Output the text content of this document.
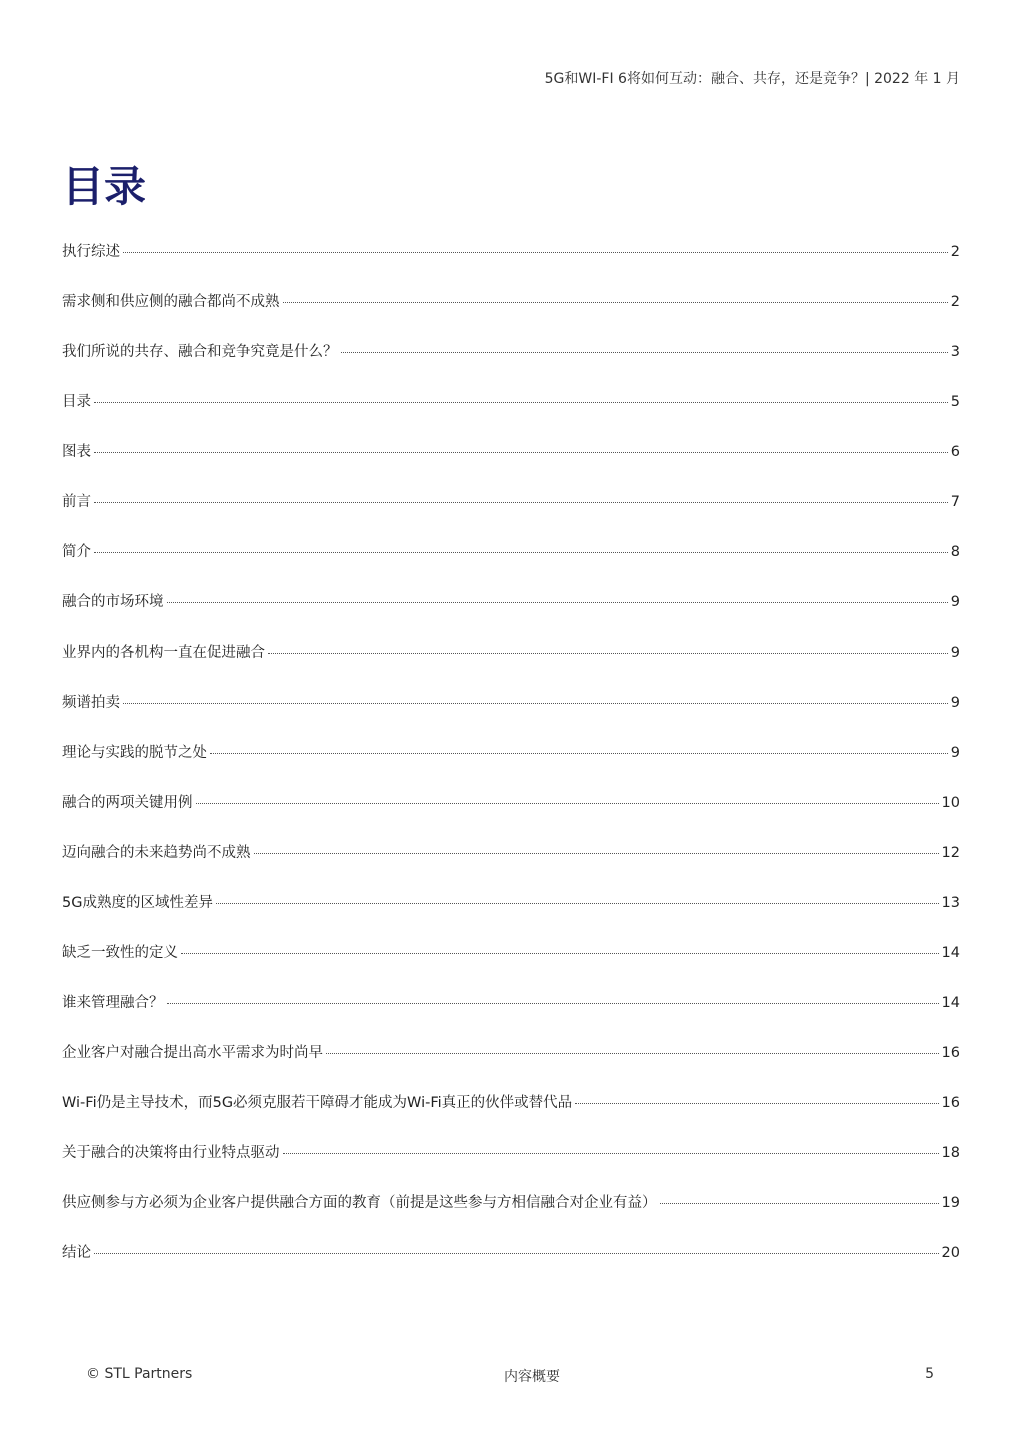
5G和WI-FI 6将如何互动：融合、共存，还是竞争？| 2022 年 1 月
目录
执行综述	2
需求侧和供应侧的融合都尚不成熟	2
我们所说的共存、融合和竞争究竟是什么？	3
目录	5
图表	6
前言	7
简介	8
融合的市场环境	9
业界内的各机构一直在促进融合	9
频谱拍卖	9
理论与实践的脱节之处	9
融合的两项关键用例	10
迈向融合的未来趋势尚不成熟	12
5G成熟度的区域性差异	13
缺乏一致性的定义	14
谁来管理融合？	14
企业客户对融合提出高水平需求为时尚早	16
Wi-Fi仍是主导技术，而5G必须克服若干障碍才能成为Wi-Fi真正的伙伴或替代品	16
关于融合的决策将由行业特点驱动	18
供应侧参与方必须为企业客户提供融合方面的教育（前提是这些参与方相信融合对企业有益）	19
结论	20
© STL Partners	内容概要	5
